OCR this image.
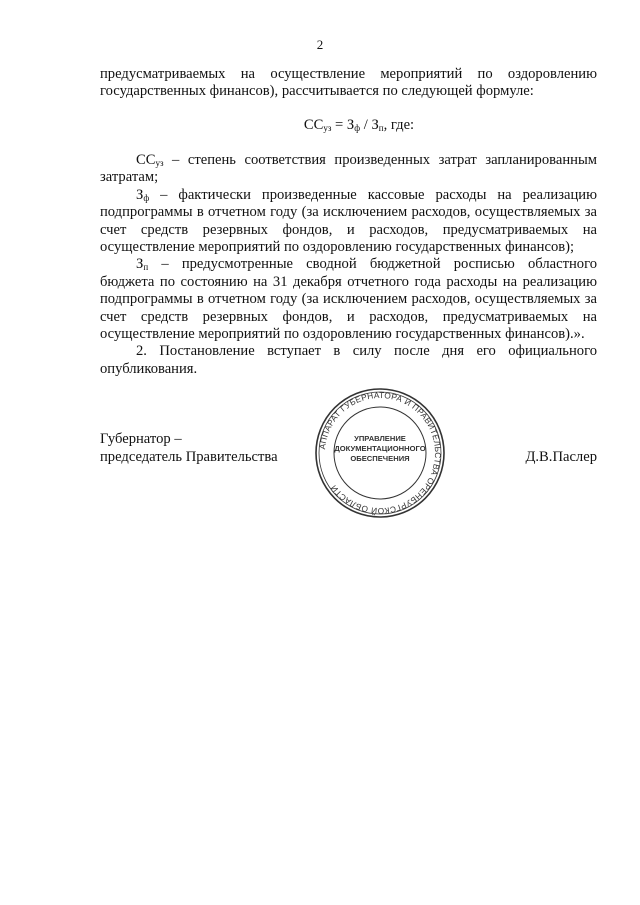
2

предусматриваемых на осуществление мероприятий по оздоровлению

государственных финансов), рассчитывается по следующей формуле:

$СС_{уз} = З_ф / З_п$, где:

$СС_{уз}$ – степень соответствия произведенных затрат запланированным затратам;

$З_ф$ – фактически произведенные кассовые расходы на реализацию подпрограммы в отчетном году (за исключением расходов, осуществляемых за счет средств резервных фондов, и расходов, предусматриваемых на осуществление мероприятий по оздоровлению государственных финансов);

$З_п$ – предусмотренные сводной бюджетной росписью областного бюджета по состоянию на 31 декабря отчетного года расходы на реализацию подпрограммы в отчетном году (за исключением расходов, осуществляемых за счет средств резервных фондов, и расходов, предусматриваемых на осуществление мероприятий по оздоровлению государственных финансов).».

2. Постановление вступает в силу после дня его официального опубликования.

Губернатор –
председатель Правительства
АППАРАТ ГУБЕРНАТОРА И ПРАВИТЕЛЬСТВА ОРЕНБУРГСКОЙ ОБЛАСТИ
УПРАВЛЕНИЕ
ДОКУМЕНТАЦИОННОГО
ОБЕСПЕЧЕНИЯ	Д.В.Паслер
